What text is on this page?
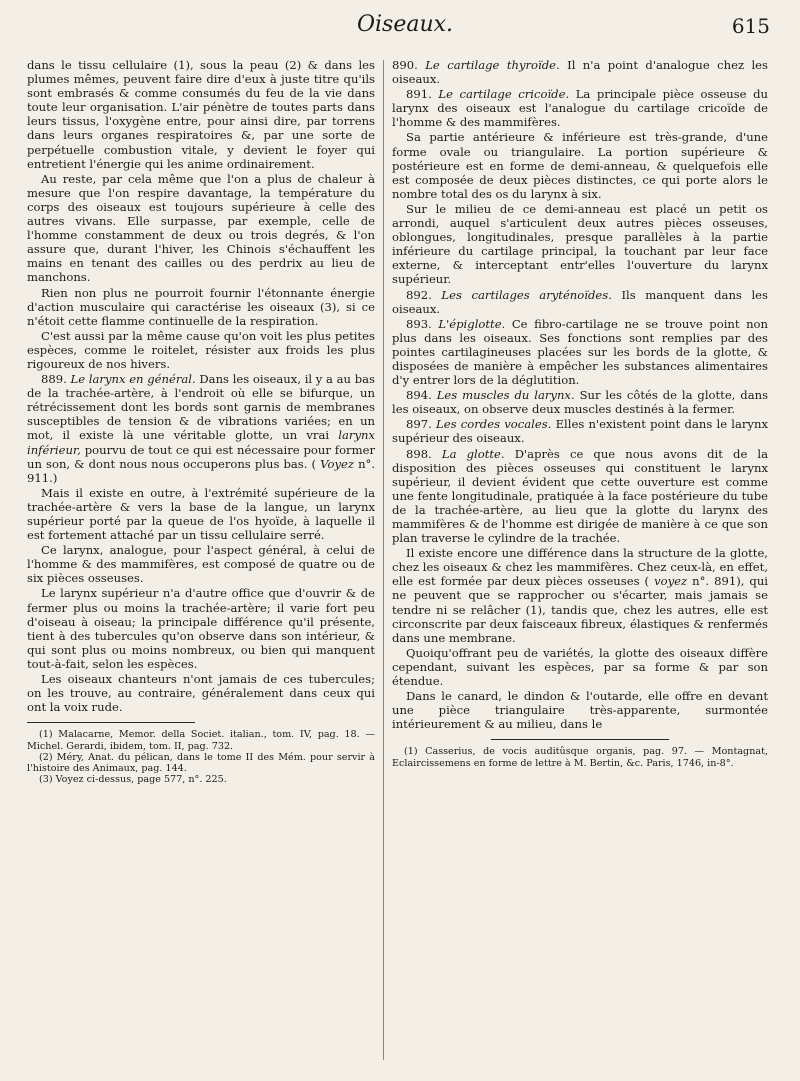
Oiseaux.	615

dans le tissu cellulaire (1), sous la peau (2) & dans les plumes mêmes, peuvent faire dire d'eux à juste titre qu'ils sont embrasés & comme consumés du feu de la vie dans toute leur organisation. L'air pénètre de toutes parts dans leurs tissus, l'oxygène entre, pour ainsi dire, par torrens dans leurs organes respiratoires &, par une sorte de perpétuelle combustion vitale, y devient le foyer qui entretient l'énergie qui les anime ordinairement.

Au reste, par cela même que l'on a plus de chaleur à mesure que l'on respire davantage, la température du corps des oiseaux est toujours supérieure à celle des autres vivans. Elle surpasse, par exemple, celle de l'homme constamment de deux ou trois degrés, & l'on assure que, durant l'hiver, les Chinois s'échauffent les mains en tenant des cailles ou des perdrix au lieu de manchons.

Rien non plus ne pourroit fournir l'étonnante énergie d'action musculaire qui caractérise les oiseaux (3), si ce n'étoit cette flamme continuelle de la respiration.

C'est aussi par la même cause qu'on voit les plus petites espèces, comme le roitelet, résister aux froids les plus rigoureux de nos hivers.

889. Le larynx en général. Dans les oiseaux, il y a au bas de la trachée-artère, à l'endroit où elle se bifurque, un rétrécissement dont les bords sont garnis de membranes susceptibles de tension & de vibrations variées; en un mot, il existe là une véritable glotte, un vrai larynx inférieur, pourvu de tout ce qui est nécessaire pour former un son, & dont nous nous occuperons plus bas. ( Voyez n°. 911.)

Mais il existe en outre, à l'extrémité supérieure de la trachée-artère & vers la base de la langue, un larynx supérieur porté par la queue de l'os hyoïde, à laquelle il est fortement attaché par un tissu cellulaire serré.

Ce larynx, analogue, pour l'aspect général, à celui de l'homme & des mammifères, est composé de quatre ou de six pièces osseuses.

Le larynx supérieur n'a d'autre office que d'ouvrir & de fermer plus ou moins la trachée-artère; il varie fort peu d'oiseau à oiseau; la principale différence qu'il présente, tient à des tubercules qu'on observe dans son intérieur, & qui sont plus ou moins nombreux, ou bien qui manquent tout-à-fait, selon les espèces.

Les oiseaux chanteurs n'ont jamais de ces tubercules; on les trouve, au contraire, généralement dans ceux qui ont la voix rude.

(1) Malacarne, Memor. della Societ. italian., tom. IV, pag. 18. — Michel. Gerardi, ibidem, tom. II, pag. 732.

(2) Méry, Anat. du pélican, dans le tome II des Mém. pour servir à l'histoire des Animaux, pag. 144.

(3) Voyez ci-dessus, page 577, n°. 225.

890. Le cartilage thyroïde. Il n'a point d'analogue chez les oiseaux.

891. Le cartilage cricoïde. La principale pièce osseuse du larynx des oiseaux est l'analogue du cartilage cricoïde de l'homme & des mammifères.

Sa partie antérieure & inférieure est très-grande, d'une forme ovale ou triangulaire. La portion supérieure & postérieure est en forme de demi-anneau, & quelquefois elle est composée de deux pièces distinctes, ce qui porte alors le nombre total des os du larynx à six.

Sur le milieu de ce demi-anneau est placé un petit os arrondi, auquel s'articulent deux autres pièces osseuses, oblongues, longitudinales, presque parallèles à la partie inférieure du cartilage principal, la touchant par leur face externe, & interceptant entr'elles l'ouverture du larynx supérieur.

892. Les cartilages aryténoïdes. Ils manquent dans les oiseaux.

893. L'épiglotte. Ce fibro-cartilage ne se trouve point non plus dans les oiseaux. Ses fonctions sont remplies par des pointes cartilagineuses placées sur les bords de la glotte, & disposées de manière à empêcher les substances alimentaires d'y entrer lors de la déglutition.

894. Les muscles du larynx. Sur les côtés de la glotte, dans les oiseaux, on observe deux muscles destinés à la fermer.

897. Les cordes vocales. Elles n'existent point dans le larynx supérieur des oiseaux.

898. La glotte. D'après ce que nous avons dit de la disposition des pièces osseuses qui constituent le larynx supérieur, il devient évident que cette ouverture est comme une fente longitudinale, pratiquée à la face postérieure du tube de la trachée-artère, au lieu que la glotte du larynx des mammifères & de l'homme est dirigée de manière à ce que son plan traverse le cylindre de la trachée.

Il existe encore une différence dans la structure de la glotte, chez les oiseaux & chez les mammifères. Chez ceux-là, en effet, elle est formée par deux pièces osseuses ( voyez n°. 891), qui ne peuvent que se rapprocher ou s'écarter, mais jamais se tendre ni se relâcher (1), tandis que, chez les autres, elle est circonscrite par deux faisceaux fibreux, élastiques & renfermés dans une membrane.

Quoiqu'offrant peu de variétés, la glotte des oiseaux diffère cependant, suivant les espèces, par sa forme & par son étendue.

Dans le canard, le dindon & l'outarde, elle offre en devant une pièce triangulaire très-apparente, surmontée intérieurement & au milieu, dans le

(1) Casserius, de vocis auditûsque organis, pag. 97. — Montagnat, Eclaircissemens en forme de lettre à M. Bertin, &c. Paris, 1746, in-8°.
